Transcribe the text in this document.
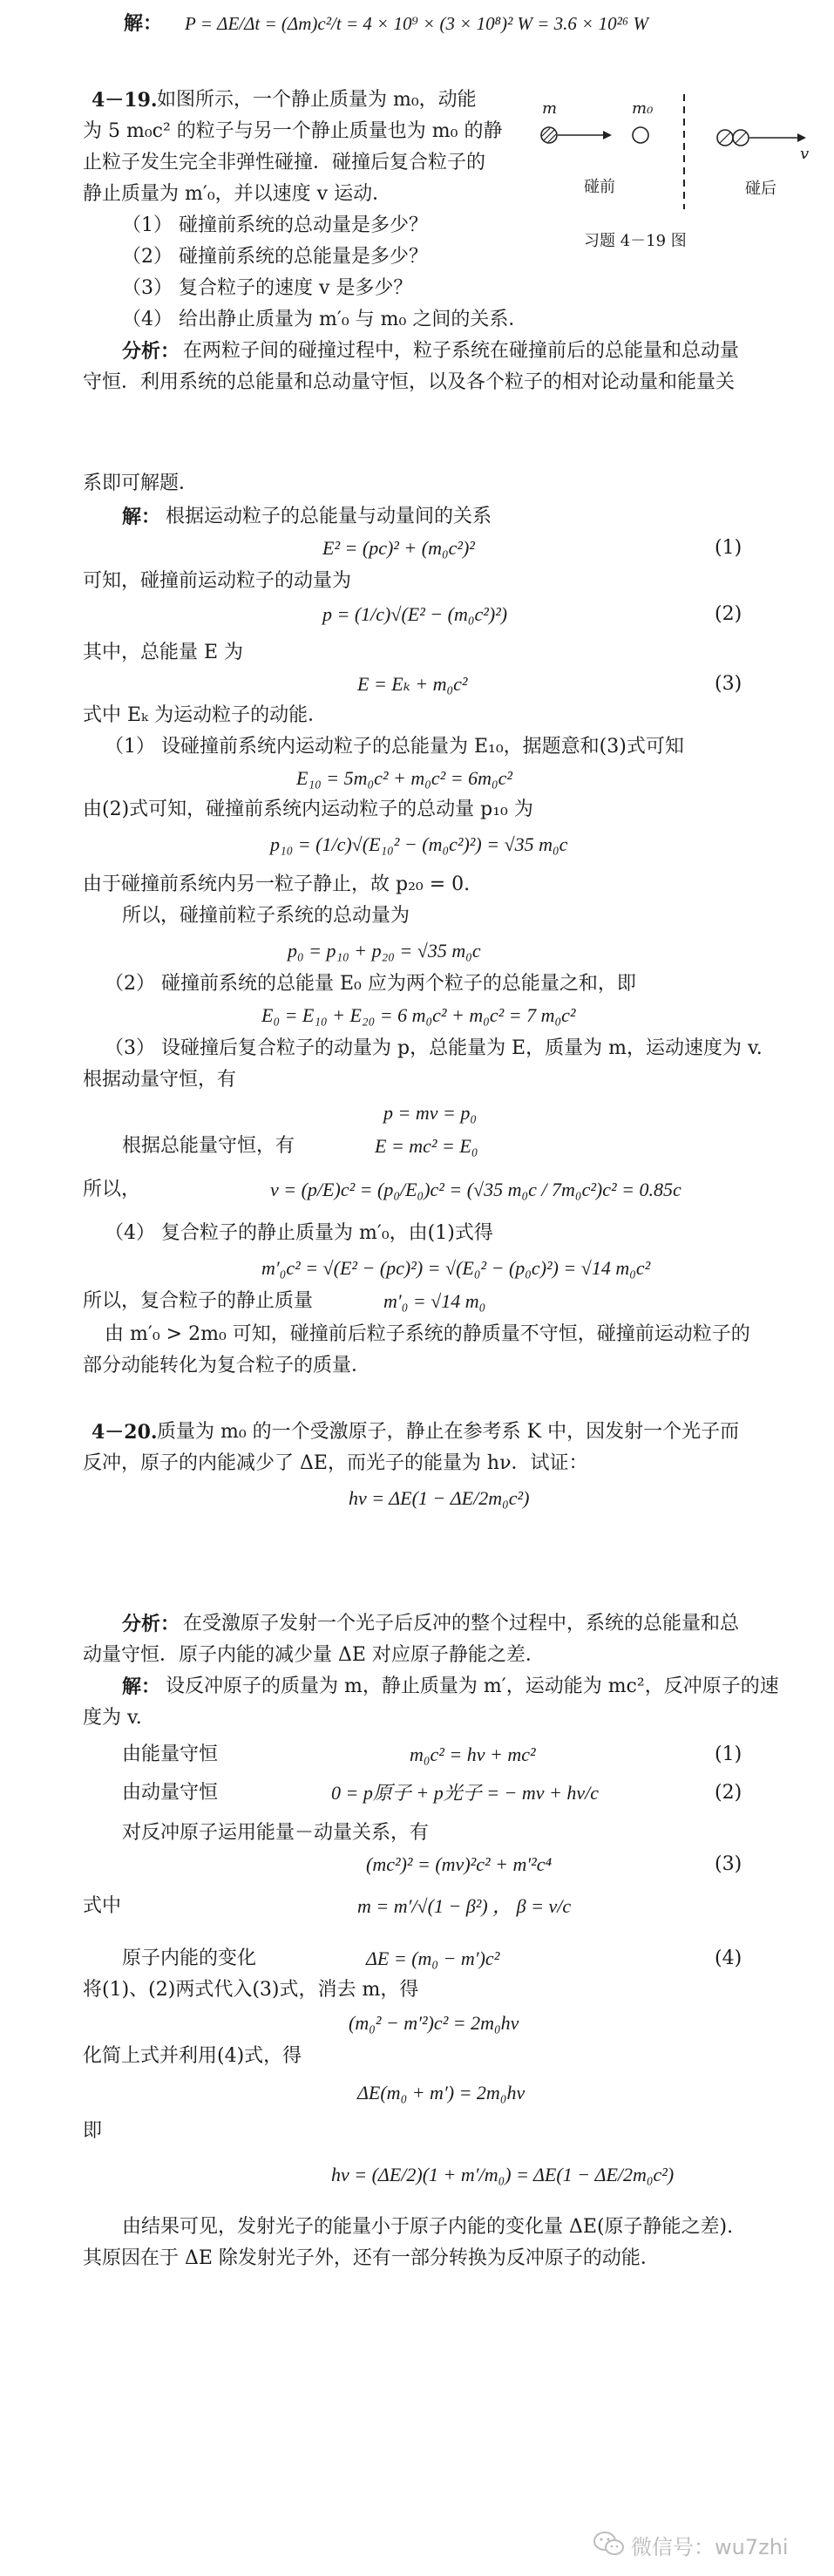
解： P = ΔE/Δt = (Δm)c²/t = 4 × 10⁹ × (3 × 10⁸)² W = 3.6 × 10²⁶ W
4－19. 如图所示，一个静止质量为 m₀，动能
为 5 m₀c² 的粒子与另一个静止质量也为 m₀ 的静
止粒子发生完全非弹性碰撞．碰撞后复合粒子的
静止质量为 m′₀，并以速度 v 运动．
（1） 碰撞前系统的总动量是多少？
（2） 碰撞前系统的总能量是多少？
（3） 复合粒子的速度 v 是多少？
（4） 给出静止质量为 m′₀ 与 m₀ 之间的关系．
m	m₀
碰前	碰后
v
习题 4－19 图
分析： 在两粒子间的碰撞过程中，粒子系统在碰撞前后的总能量和总动量
守恒．利用系统的总能量和总动量守恒，以及各个粒子的相对论动量和能量关
系即可解题．
解： 根据运动粒子的总能量与动量间的关系
E² = (pc)² + (m₀c²)²	(1)
可知，碰撞前运动粒子的动量为
p = (1/c)√(E² − (m₀c²)²)	(2)
其中，总能量 E 为
E = Eₖ + m₀c²	(3)
式中 Eₖ 为运动粒子的动能．
（1） 设碰撞前系统内运动粒子的总能量为 E₁₀，据题意和(3)式可知
E₁₀ = 5m₀c² + m₀c² = 6m₀c²
由(2)式可知，碰撞前系统内运动粒子的总动量 p₁₀ 为
p₁₀ = (1/c)√(E₁₀² − (m₀c²)²) = √35 m₀c
由于碰撞前系统内另一粒子静止，故 p₂₀ = 0.
所以，碰撞前粒子系统的总动量为
p₀ = p₁₀ + p₂₀ = √35 m₀c
（2） 碰撞前系统的总能量 E₀ 应为两个粒子的总能量之和，即
E₀ = E₁₀ + E₂₀ = 6 m₀c² + m₀c² = 7 m₀c²
（3） 设碰撞后复合粒子的动量为 p，总能量为 E，质量为 m，运动速度为 v.
根据动量守恒，有
p = mv = p₀
根据总能量守恒，有	E = mc² = E₀
所以，	v = (p/E)c² = (p₀/E₀)c² = (√35 m₀c / 7m₀c²)c² = 0.85c
（4） 复合粒子的静止质量为 m′₀，由(1)式得
m′₀c² = √(E² − (pc)²) = √(E₀² − (p₀c)²) = √14 m₀c²
所以，复合粒子的静止质量	m′₀ = √14 m₀
由 m′₀ > 2m₀ 可知，碰撞前后粒子系统的静质量不守恒，碰撞前运动粒子的
部分动能转化为复合粒子的质量．
4－20. 质量为 m₀ 的一个受激原子，静止在参考系 K 中，因发射一个光子而
反冲，原子的内能减少了 ΔE，而光子的能量为 hν．试证：
hν = ΔE(1 − ΔE/2m₀c²)
分析： 在受激原子发射一个光子后反冲的整个过程中，系统的总能量和总
动量守恒．原子内能的减少量 ΔE 对应原子静能之差．
解： 设反冲原子的质量为 m，静止质量为 m′，运动能为 mc²，反冲原子的速
度为 v.
由能量守恒	m₀c² = hν + mc²	(1)
由动量守恒	0 = p原子 + p光子 = − mv + hν/c	(2)
对反冲原子运用能量－动量关系，有
(mc²)² = (mv)²c² + m′²c⁴	(3)
式中	m = m′/√(1 − β²) ， β = v/c
原子内能的变化	ΔE = (m₀ − m′)c²	(4)
将(1)、(2)两式代入(3)式，消去 m，得
(m₀² − m′²)c² = 2m₀hν
化简上式并利用(4)式，得
ΔE(m₀ + m′) = 2m₀hν
即
hν = (ΔE/2)(1 + m′/m₀) = ΔE(1 − ΔE/2m₀c²)
由结果可见，发射光子的能量小于原子内能的变化量 ΔE(原子静能之差).
其原因在于 ΔE 除发射光子外，还有一部分转换为反冲原子的动能．
微信号：wu7zhi
